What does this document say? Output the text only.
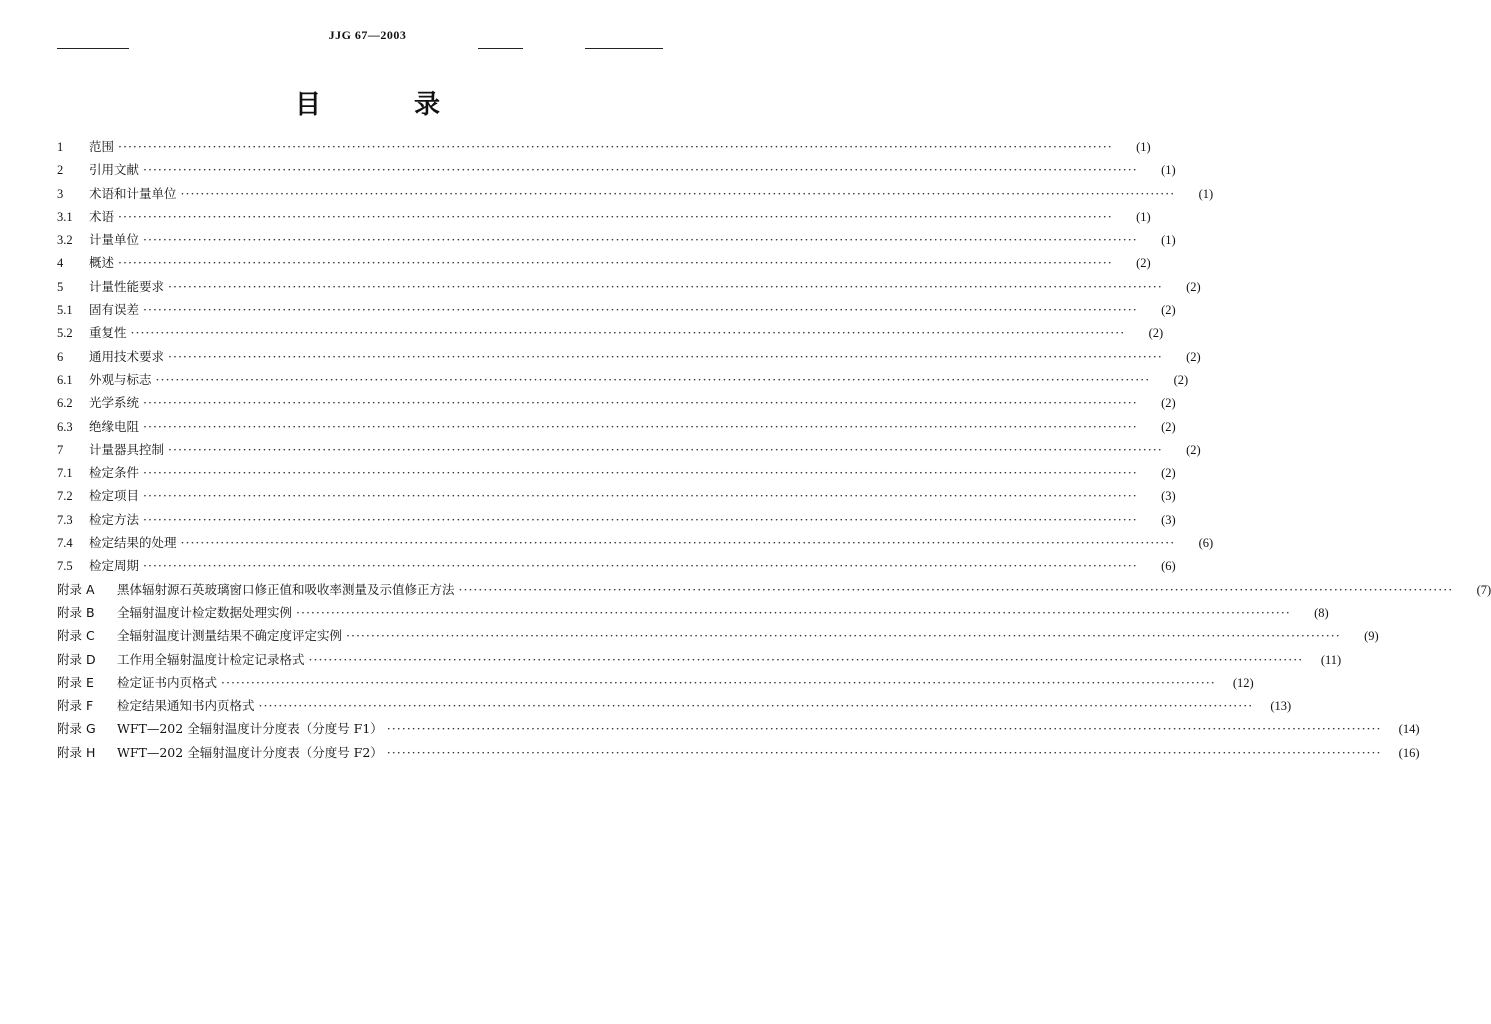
JJG 67—2003
目 录
1	范围 ········································································································································································································	(1)
2	引用文献 ········································································································································································································	(1)
3	术语和计量单位 ········································································································································································································	(1)
3.1	术语 ········································································································································································································	(1)
3.2	计量单位 ········································································································································································································	(1)
4	概述 ········································································································································································································	(2)
5	计量性能要求 ········································································································································································································	(2)
5.1	固有误差 ········································································································································································································	(2)
5.2	重复性 ········································································································································································································	(2)
6	通用技术要求 ········································································································································································································	(2)
6.1	外观与标志 ········································································································································································································	(2)
6.2	光学系统 ········································································································································································································	(2)
6.3	绝缘电阻 ········································································································································································································	(2)
7	计量器具控制 ········································································································································································································	(2)
7.1	检定条件 ········································································································································································································	(2)
7.2	检定项目 ········································································································································································································	(3)
7.3	检定方法 ········································································································································································································	(3)
7.4	检定结果的处理 ········································································································································································································	(6)
7.5	检定周期 ········································································································································································································	(6)
附录 A	黑体辐射源石英玻璃窗口修正值和吸收率测量及示值修正方法 ········································································································································································································	(7)
附录 B	全辐射温度计检定数据处理实例 ········································································································································································································	(8)
附录 C	全辐射温度计测量结果不确定度评定实例 ········································································································································································································	(9)
附录 D	工作用全辐射温度计检定记录格式 ········································································································································································································	(11)
附录 E	检定证书内页格式 ········································································································································································································	(12)
附录 F	检定结果通知书内页格式 ········································································································································································································	(13)
附录 G	WFT—202 全辐射温度计分度表（分度号 F1） ········································································································································································································	(14)
附录 H	WFT—202 全辐射温度计分度表（分度号 F2） ········································································································································································································	(16)
